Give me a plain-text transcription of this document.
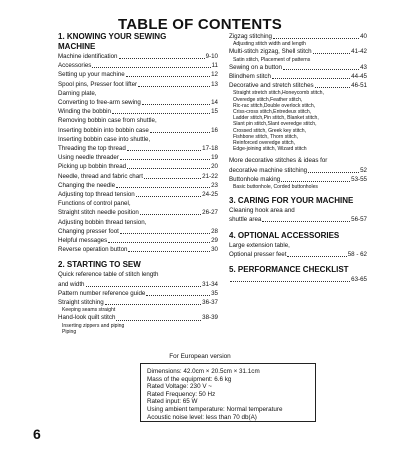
TABLE OF CONTENTS
1. KNOWING YOUR SEWING
MACHINE
Machine identification	9-10
Accessories	11
Setting up your machine	12
Spool pins, Presser foot lifter	13
Darning plate,
Converting to free-arm sewing	14
Winding the bobbin	15
Removing bobbin case from shuttle,
Inserting bobbin into bobbin case	16
Inserting bobbin case into shuttle,
Threading the top thread	17-18
Using needle threader	19
Picking up bobbin thread	20
Needle, thread and fabric chart	21-22
Changing the needle	23
Adjusting top thread tension	24-25
Functions of control panel,
Straight stitch needle position	26-27
Adjusting bobbin thread tension,
Changing presser foot	28
Helpful messages	29
Reverse operation button	30
2. STARTING TO SEW
Quick reference table of stitch length
and width	31-34
Pattern number reference guide	35
Straight stitching	36-37
Keeping seams straight
Hand-look quilt stitch	38-39
Inserting zippers and piping
Piping
Zigzag stitching	40
Adjusting stitch width and length
Multi-stitch zigzag, Shell stitch	41-42
Satin stitch, Placement of patterns
Sewing on a button	43
Blindhem stitch	44-45
Decorative and stretch stitches	46-51
Straight stretch stitch,Honeycomb stitch,
Overedge stitch,Feather stitch,
Ric-rac stitch,Double overlock stitch,
Criss-cross stitch,Entredeux stitch,
Ladder stitch,Pin stitch, Blanket stitch,
Slant pin stitch,Slant overedge stitch,
Crossed stitch, Greek key stitch,
Fishbone stitch, Thorn stitch,
Reinforced overedge stitch,
Edge-joining stitch, Wizard stitch
More decorative stitches & ideas for
decorative machine stitching	52
Buttonhole making	53-55
Basic buttonhole, Corded buttonholes
3. CARING FOR YOUR MACHINE
Cleaning hook area and
shuttle area	56-57
4. OPTIONAL ACCESSORIES
Large extension table,
Optional presser feet	58 - 62
5. PERFORMANCE CHECKLIST
63-65
For European version
Dimensions: 42.0cm × 20.5cm × 31.1cm
Mass of the equipment: 6.6 kg
Rated Voltage: 230 V ~
Rated Frequency: 50 Hz
Rated input: 65 W
Using ambient temperature: Normal temperature
Acoustic noise level: less than 70 db(A)
6
